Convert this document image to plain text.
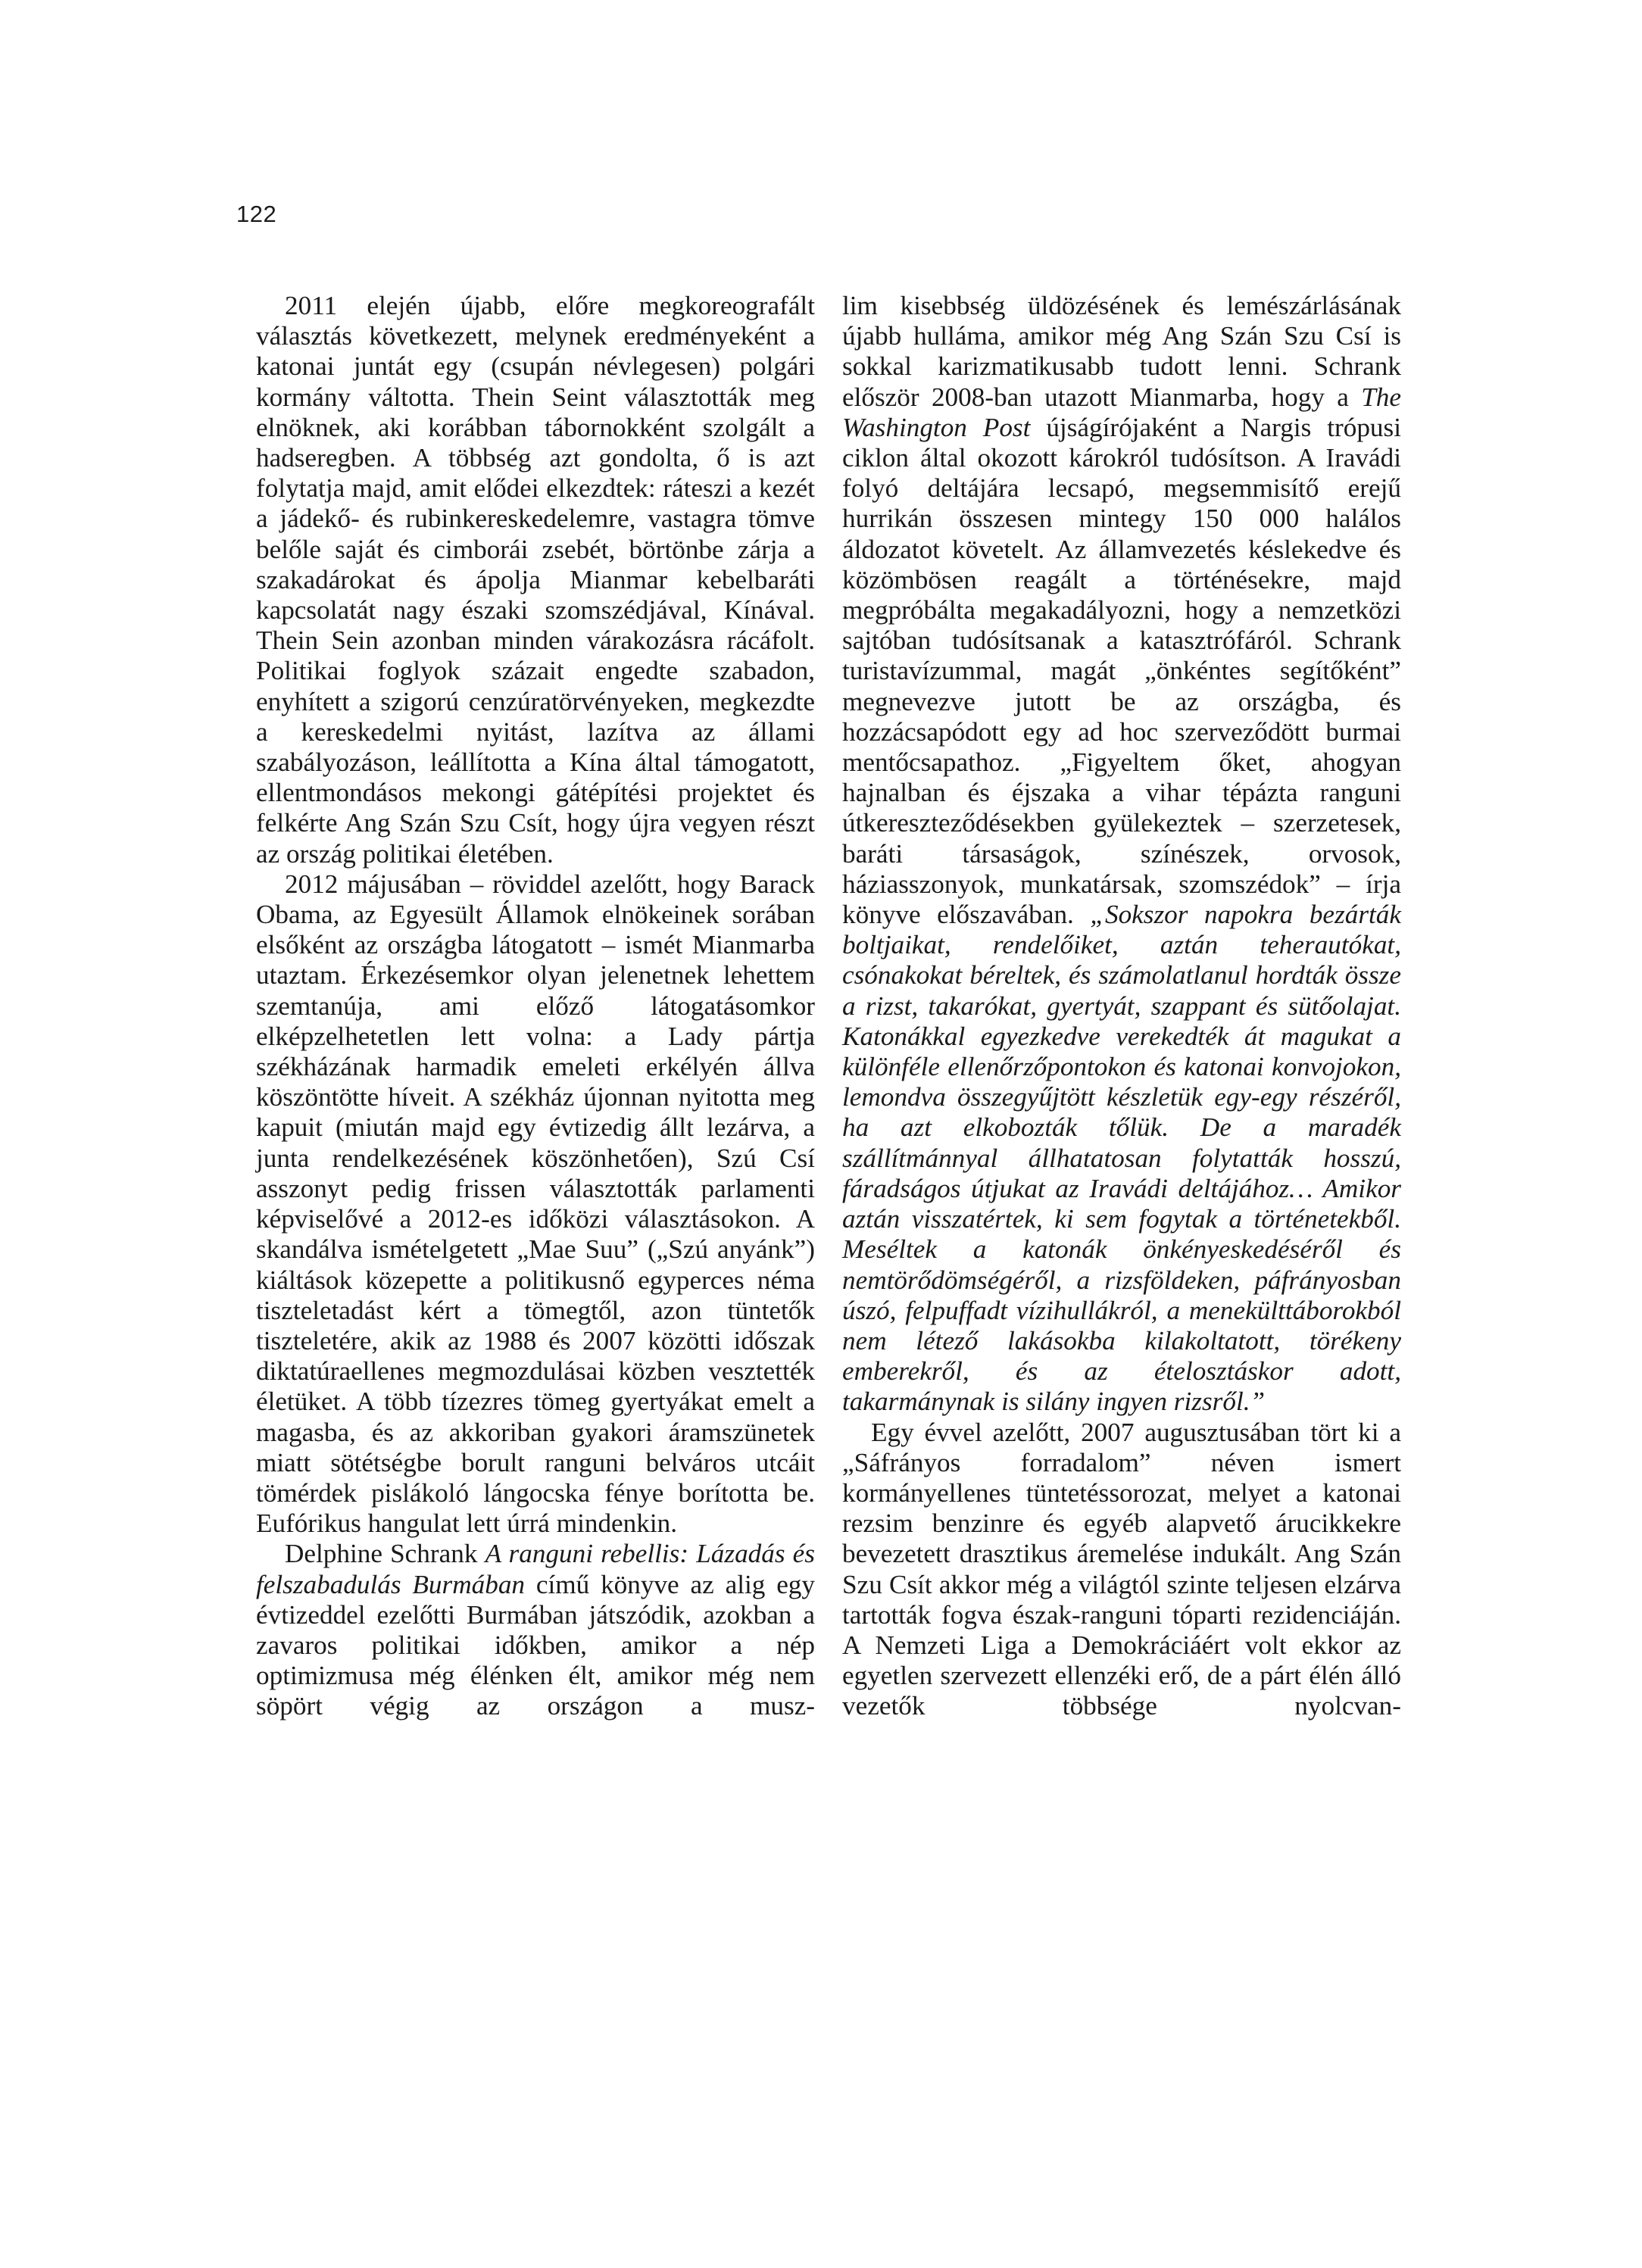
122

2011 elején újabb, előre megkoreografált választás következett, melynek eredményeként a katonai juntát egy (csupán névlegesen) polgári kormány váltotta. Thein Seint választották meg elnöknek, aki korábban tábornokként szolgált a hadseregben. A többség azt gondolta, ő is azt folytatja majd, amit elődei elkezdtek: ráteszi a kezét a jádekő- és rubinkereskedelemre, vastagra tömve belőle saját és cimborái zsebét, börtönbe zárja a szakadárokat és ápolja Mianmar kebelbaráti kapcsolatát nagy északi szomszédjával, Kínával. Thein Sein azonban minden várakozásra rácáfolt. Politikai foglyok százait engedte szabadon, enyhített a szigorú cenzúratörvényeken, megkezdte a kereskedelmi nyitást, lazítva az állami szabályozáson, leállította a Kína által támogatott, ellentmondásos mekongi gátépítési projektet és felkérte Ang Szán Szu Csít, hogy újra vegyen részt az ország politikai életében.

2012 májusában – röviddel azelőtt, hogy Barack Obama, az Egyesült Államok elnökeinek sorában elsőként az országba látogatott – ismét Mianmarba utaztam. Érkezésemkor olyan jelenetnek lehettem szemtanúja, ami előző látogatásomkor elképzelhetetlen lett volna: a Lady pártja székházának harmadik emeleti erkélyén állva köszöntötte híveit. A székház újonnan nyitotta meg kapuit (miután majd egy évtizedig állt lezárva, a junta rendelkezésének köszönhetően), Szú Csí asszonyt pedig frissen választották parlamenti képviselővé a 2012-es időközi választásokon. A skandálva ismételgetett „Mae Suu” („Szú anyánk”) kiáltások közepette a politikusnő egyperces néma tiszteletadást kért a tömegtől, azon tüntetők tiszteletére, akik az 1988 és 2007 közötti időszak diktatúraellenes megmozdulásai közben vesztették életüket. A több tízezres tömeg gyertyákat emelt a magasba, és az akkoriban gyakori áramszünetek miatt sötétségbe borult ranguni belváros utcáit tömérdek pislákoló lángocska fénye borította be. Eufórikus hangulat lett úrrá mindenkin.

Delphine Schrank A ranguni rebellis: Lázadás és felszabadulás Burmában című könyve az alig egy évtizeddel ezelőtti Burmában játszódik, azokban a zavaros politikai időkben, amikor a nép optimizmusa még élénken élt, amikor még nem söpört végig az országon a musz-

lim kisebbség üldözésének és lemészárlásának újabb hulláma, amikor még Ang Szán Szu Csí is sokkal karizmatikusabb tudott lenni. Schrank először 2008-ban utazott Mianmarba, hogy a The Washington Post újságírójaként a Nargis trópusi ciklon által okozott károkról tudósítson. A Iravádi folyó deltájára lecsapó, megsemmisítő erejű hurrikán összesen mintegy 150 000 halálos áldozatot követelt. Az államvezetés késlekedve és közömbösen reagált a történésekre, majd megpróbálta megakadályozni, hogy a nemzetközi sajtóban tudósítsanak a katasztrófáról. Schrank turistavízummal, magát „önkéntes segítőként” megnevezve jutott be az országba, és hozzácsapódott egy ad hoc szerveződött burmai mentőcsapathoz. „Figyeltem őket, ahogyan hajnalban és éjszaka a vihar tépázta ranguni útkereszteződésekben gyülekeztek – szerzetesek, baráti társaságok, színészek, orvosok, háziasszonyok, munkatársak, szomszédok” – írja könyve előszavában. „Sokszor napokra bezárták boltjaikat, rendelőiket, aztán teherautókat, csónakokat béreltek, és számolatlanul hordták össze a rizst, takarókat, gyertyát, szappant és sütőolajat. Katonákkal egyezkedve verekedték át magukat a különféle ellenőrzőpontokon és katonai konvojokon, lemondva összegyűjtött készletük egy-egy részéről, ha azt elkobozták tőlük. De a maradék szállítmánnyal állhatatosan folytatták hosszú, fáradságos útjukat az Iravádi deltájához… Amikor aztán visszatértek, ki sem fogytak a történetekből. Meséltek a katonák önkényeskedéséről és nemtörődömségéről, a rizsföldeken, páfrányosban úszó, felpuffadt vízihullákról, a menekülttáborokból nem létező lakásokba kilakoltatott, törékeny emberekről, és az ételosztáskor adott, takarmánynak is silány ingyen rizsről.”

Egy évvel azelőtt, 2007 augusztusában tört ki a „Sáfrányos forradalom” néven ismert kormányellenes tüntetéssorozat, melyet a katonai rezsim benzinre és egyéb alapvető árucikkekre bevezetett drasztikus áremelése indukált. Ang Szán Szu Csít akkor még a világtól szinte teljesen elzárva tartották fogva észak-ranguni tóparti rezidenciáján. A Nemzeti Liga a Demokráciáért volt ekkor az egyetlen szervezett ellenzéki erő, de a párt élén álló vezetők többsége nyolcvan-
